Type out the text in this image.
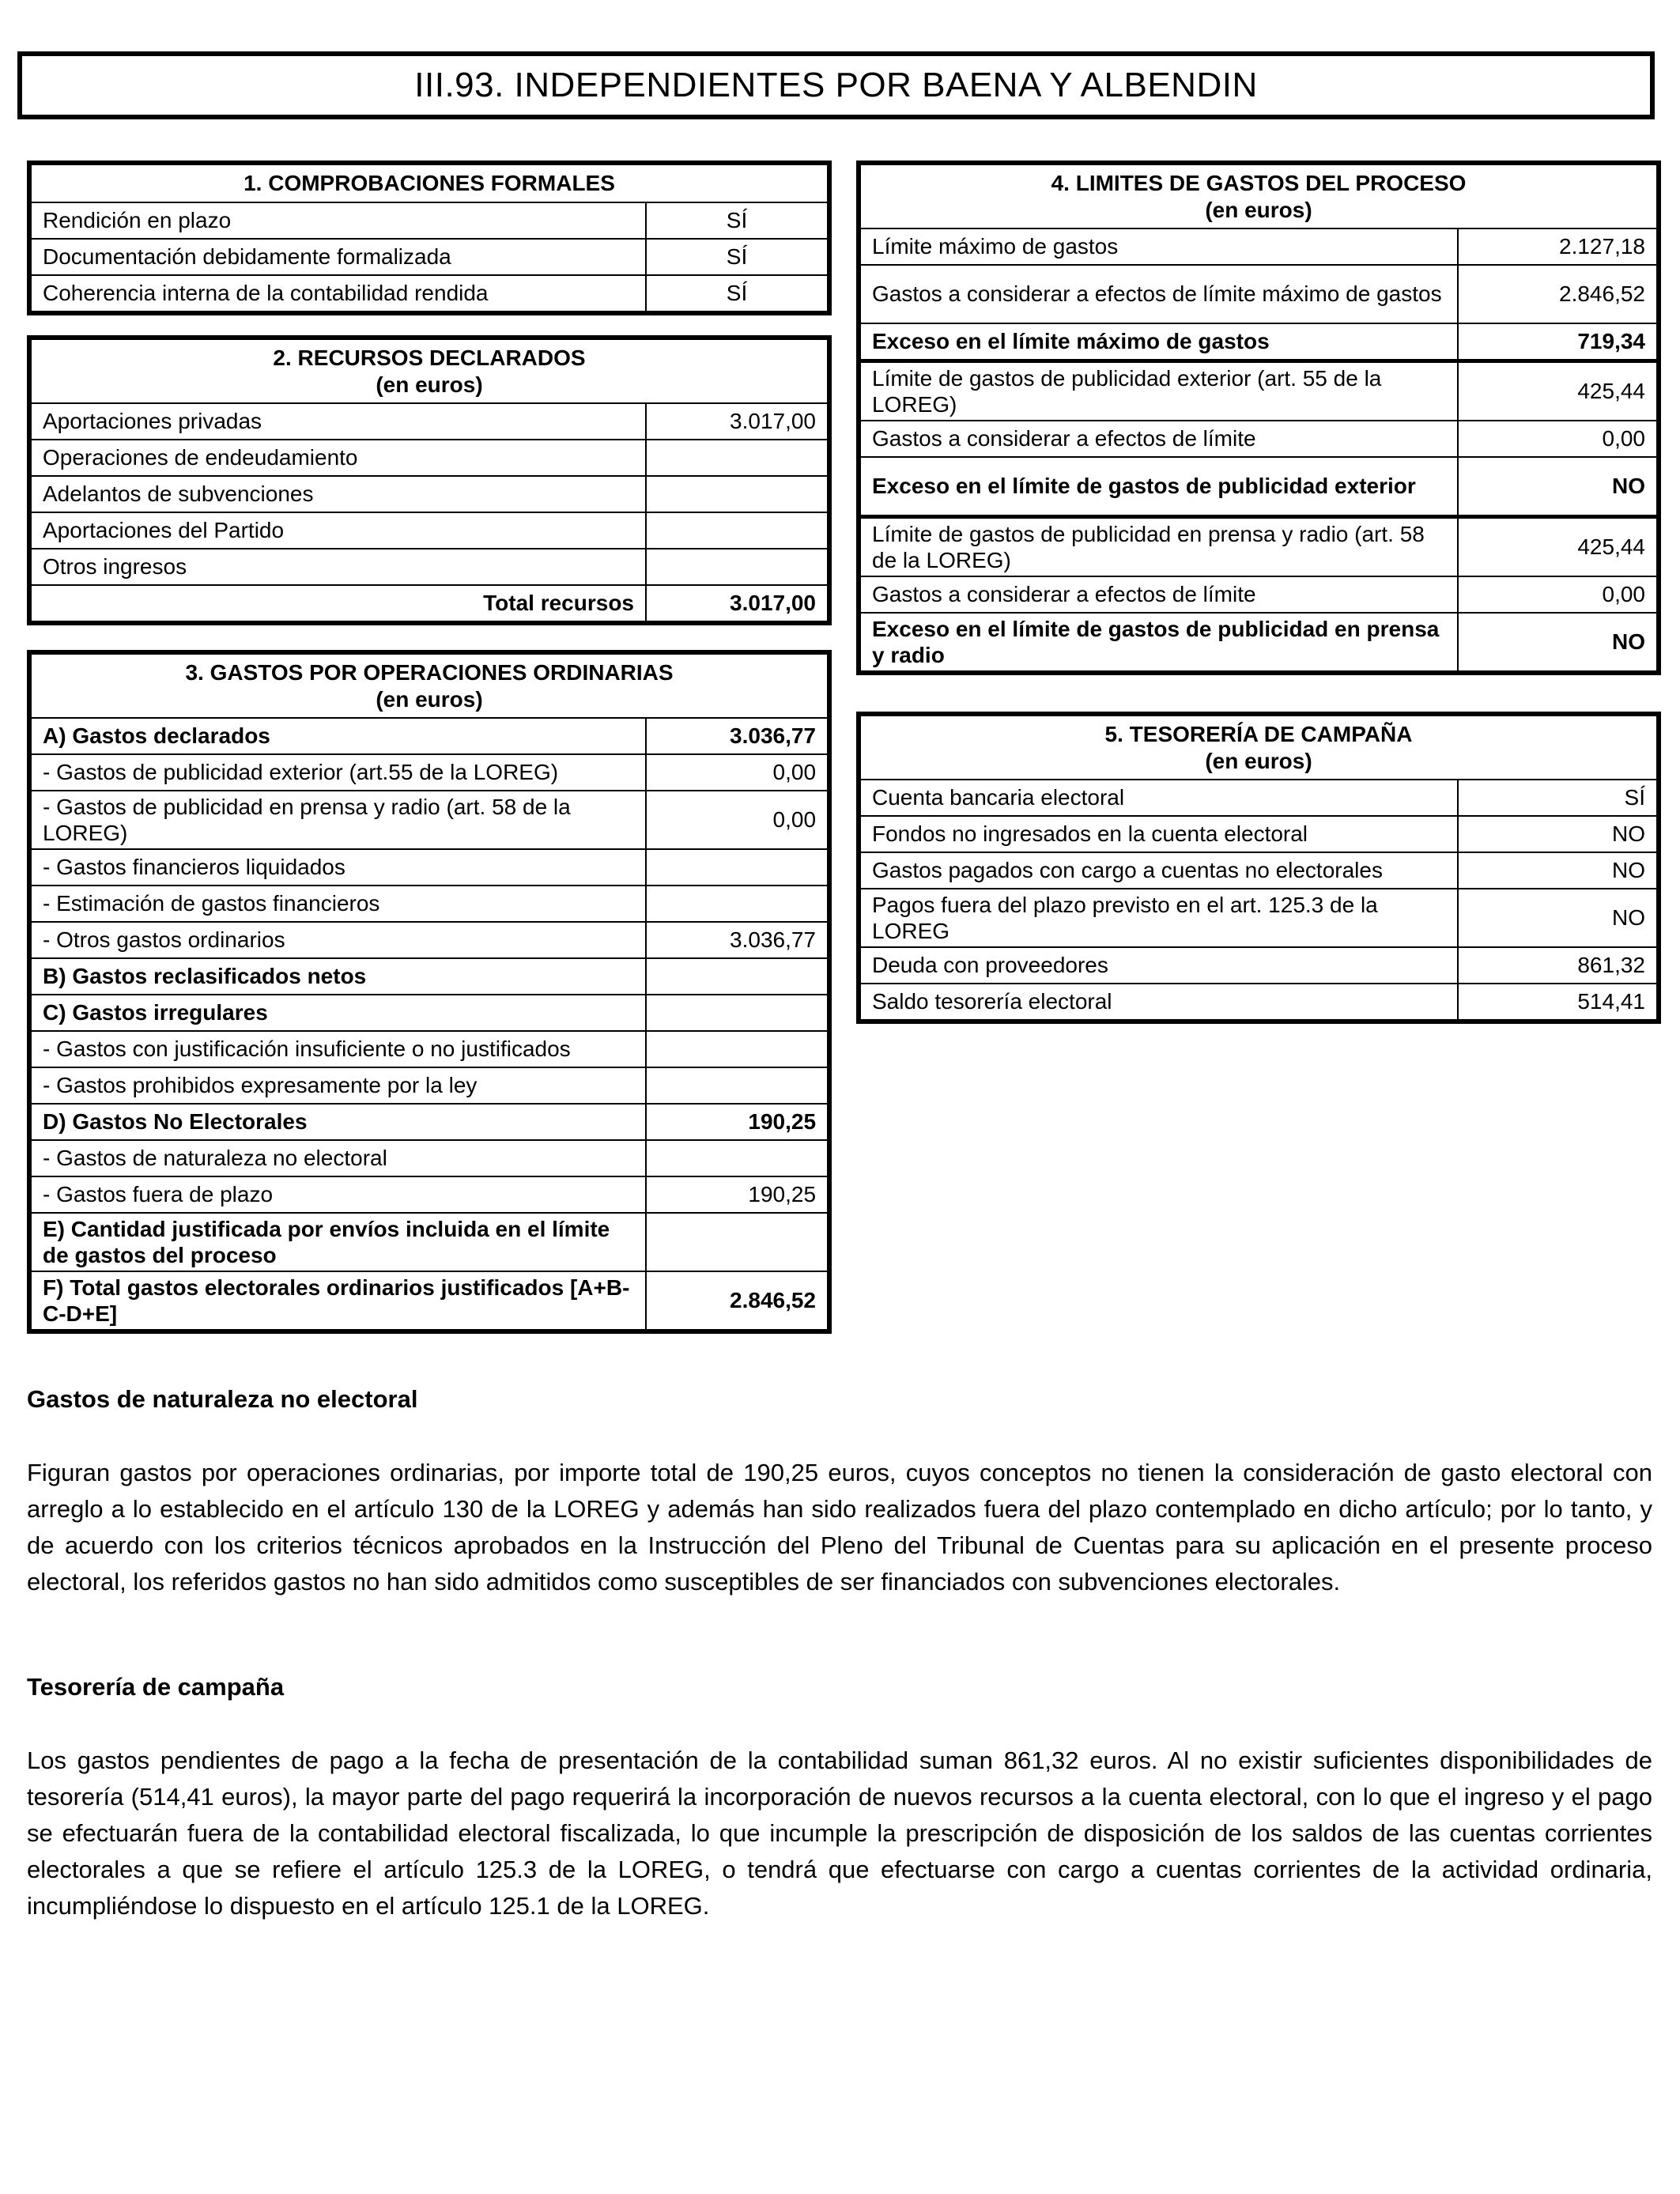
III.93. INDEPENDIENTES POR BAENA Y ALBENDIN
1. COMPROBACIONES FORMALES	
Rendición en plazo	SÍ
Documentación debidamente formalizada	SÍ
Coherencia interna de la contabilidad rendida	SÍ
2. RECURSOS DECLARADOS
(en euros)	

Aportaciones privadas	3.017,00
Operaciones de endeudamiento	
Adelantos de subvenciones	
Aportaciones del Partido	
Otros ingresos	
Total recursos	3.017,00
3. GASTOS POR OPERACIONES ORDINARIAS
(en euros)	

A) Gastos declarados	3.036,77
- Gastos de publicidad exterior (art.55 de la LOREG)	0,00
- Gastos de publicidad en prensa y radio (art. 58 de la LOREG)	0,00
- Gastos financieros liquidados	
- Estimación de gastos financieros	
- Otros gastos ordinarios	3.036,77
B) Gastos reclasificados netos	
C) Gastos irregulares	
- Gastos con justificación insuficiente o no justificados	
- Gastos prohibidos expresamente por la ley	
D) Gastos No Electorales	190,25
- Gastos de naturaleza no electoral	
- Gastos fuera de plazo	190,25
E) Cantidad justificada por envíos incluida en el límite de gastos del proceso	
F) Total gastos electorales ordinarios justificados [A+B-C-D+E]	2.846,52
4. LIMITES DE GASTOS DEL PROCESO
(en euros)	

Límite máximo de gastos	2.127,18
Gastos a considerar a efectos de límite máximo de gastos	2.846,52
Exceso en el límite máximo de gastos	719,34
Límite de gastos de publicidad exterior (art. 55 de la LOREG)	425,44
Gastos a considerar a efectos de límite	0,00
Exceso en el límite de gastos de publicidad exterior	NO
Límite de gastos de publicidad en prensa y radio (art. 58 de la LOREG)	425,44
Gastos a considerar a efectos de límite	0,00
Exceso en el límite de gastos de publicidad en prensa y radio	NO
5. TESORERÍA DE CAMPAÑA
(en euros)	

Cuenta bancaria electoral	SÍ
Fondos no ingresados en la cuenta electoral	NO
Gastos pagados con cargo a cuentas no electorales	NO
Pagos fuera del plazo previsto en el art. 125.3 de la LOREG	NO
Deuda con proveedores	861,32
Saldo tesorería electoral	514,41
Gastos de naturaleza no electoral
Figuran gastos por operaciones ordinarias, por importe total de 190,25 euros, cuyos conceptos no tienen la consideración de gasto electoral con arreglo a lo establecido en el artículo 130 de la LOREG y además han sido realizados fuera del plazo contemplado en dicho artículo; por lo tanto, y de acuerdo con los criterios técnicos aprobados en la Instrucción del Pleno del Tribunal de Cuentas para su aplicación en el presente proceso electoral, los referidos gastos no han sido admitidos como susceptibles de ser financiados con subvenciones electorales.
Tesorería de campaña
Los gastos pendientes de pago a la fecha de presentación de la contabilidad suman 861,32 euros. Al no existir suficientes disponibilidades de tesorería (514,41 euros), la mayor parte del pago requerirá la incorporación de nuevos recursos a la cuenta electoral, con lo que el ingreso y el pago se efectuarán fuera de la contabilidad electoral fiscalizada, lo que incumple la prescripción de disposición de los saldos de las cuentas corrientes electorales a que se refiere el artículo 125.3 de la LOREG, o tendrá que efectuarse con cargo a cuentas corrientes de la actividad ordinaria, incumpliéndose lo dispuesto en el artículo 125.1 de la LOREG.
